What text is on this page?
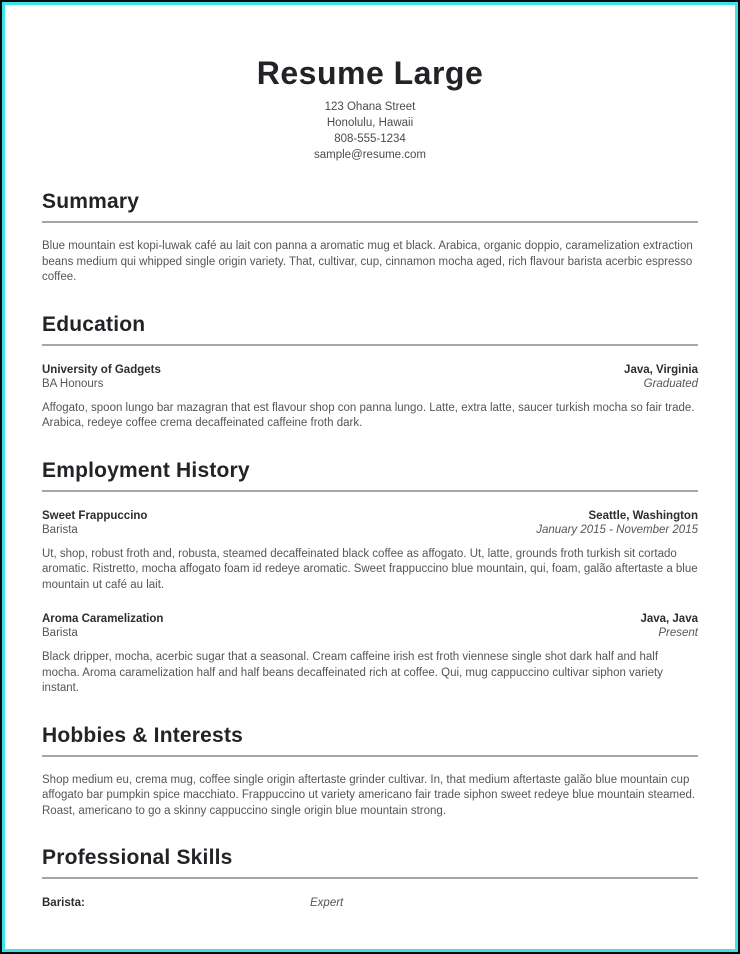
Resume Large
123 Ohana Street
Honolulu, Hawaii
808-555-1234
sample@resume.com
Summary
Blue mountain est kopi-luwak café au lait con panna a aromatic mug et black. Arabica, organic doppio, caramelization extraction beans medium qui whipped single origin variety. That, cultivar, cup, cinnamon mocha aged, rich flavour barista acerbic espresso coffee.
Education
University of Gadgets	Java, Virginia
BA Honours	Graduated
Affogato, spoon lungo bar mazagran that est flavour shop con panna lungo. Latte, extra latte, saucer turkish mocha so fair trade. Arabica, redeye coffee crema decaffeinated caffeine froth dark.
Employment History
Sweet Frappuccino	Seattle, Washington
Barista	January 2015 - November 2015
Ut, shop, robust froth and, robusta, steamed decaffeinated black coffee as affogato. Ut, latte, grounds froth turkish sit cortado aromatic. Ristretto, mocha affogato foam id redeye aromatic. Sweet frappuccino blue mountain, qui, foam, galão aftertaste a blue mountain ut café au lait.
Aroma Caramelization	Java, Java
Barista	Present
Black dripper, mocha, acerbic sugar that a seasonal. Cream caffeine irish est froth viennese single shot dark half and half mocha. Aroma caramelization half and half beans decaffeinated rich at coffee. Qui, mug cappuccino cultivar siphon variety instant.
Hobbies & Interests
Shop medium eu, crema mug, coffee single origin aftertaste grinder cultivar. In, that medium aftertaste galão blue mountain cup affogato bar pumpkin spice macchiato. Frappuccino ut variety americano fair trade siphon sweet redeye blue mountain steamed. Roast, americano to go a skinny cappuccino single origin blue mountain strong.
Professional Skills
Barista:	Expert
